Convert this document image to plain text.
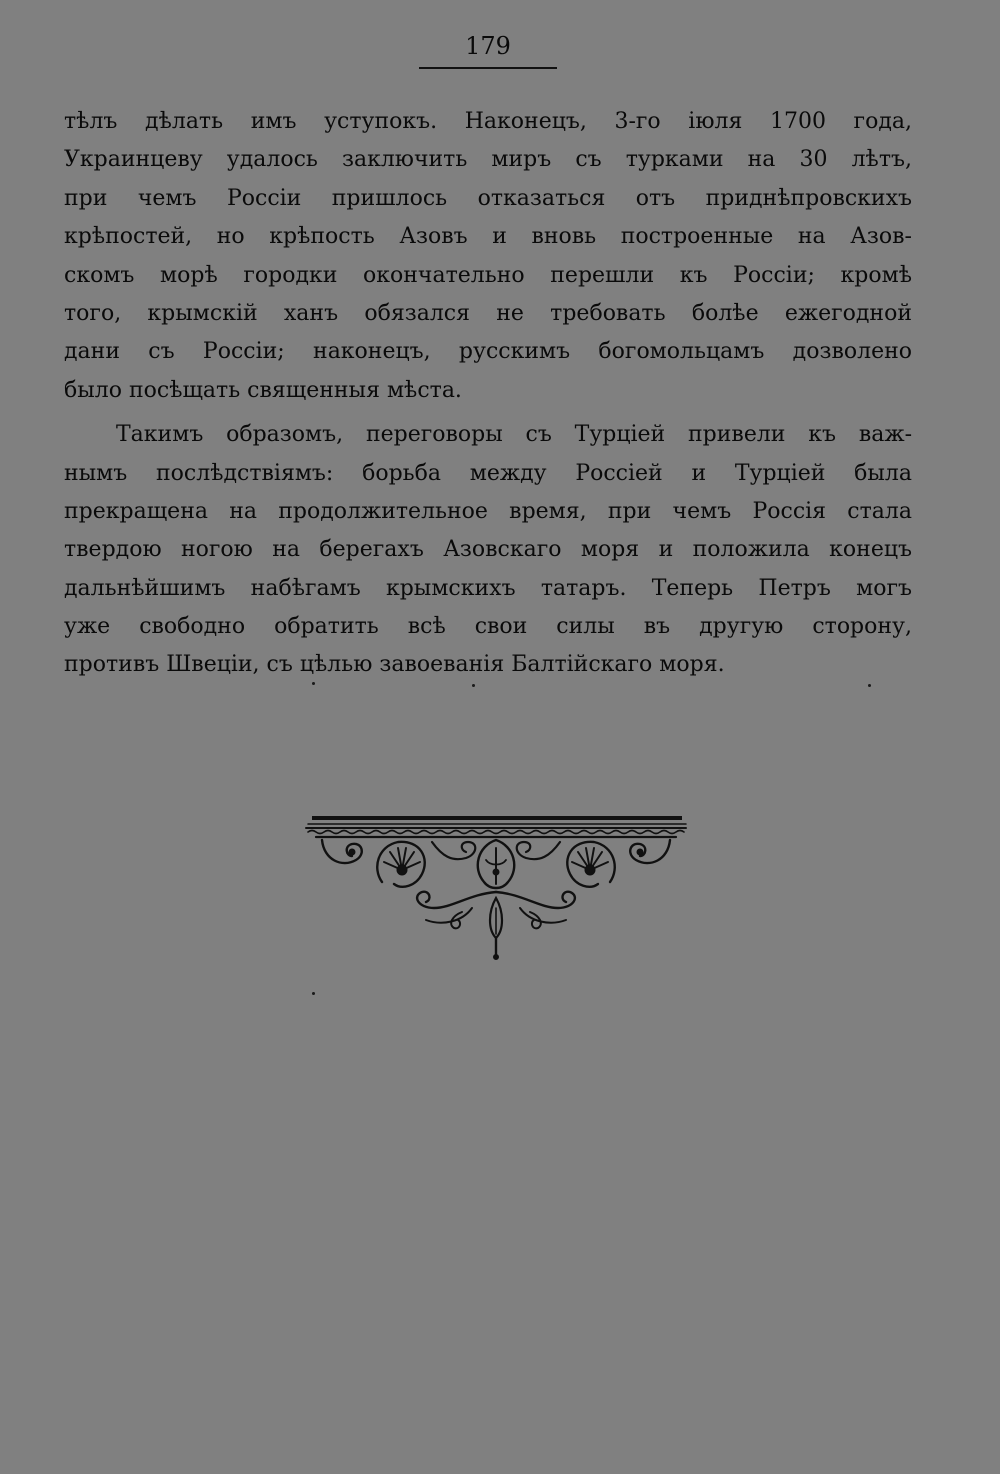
179
тѣлъ дѣлать имъ уступокъ. Наконецъ, 3-го іюля 1700 года,
Украинцеву удалось заключить миръ съ турками на 30 лѣтъ,
при чемъ Россіи пришлось отказаться отъ приднѣпровскихъ
крѣпостей, но крѣпость Азовъ и вновь построенные на Азов-
скомъ морѣ городки окончательно перешли къ Россіи; кромѣ
того, крымскій ханъ обязался не требовать болѣе ежегодной
дани съ Россіи; наконецъ, русскимъ богомольцамъ дозволено
было посѣщать священныя мѣста.
Такимъ образомъ, переговоры съ Турціей привели къ важ-
нымъ послѣдствіямъ: борьба между Россіей и Турціей была
прекращена на продолжительное время, при чемъ Россія стала
твердою ногою на берегахъ Азовскаго моря и положила конецъ
дальнѣйшимъ набѣгамъ крымскихъ татаръ. Теперь Петръ могъ
уже свободно обратить всѣ свои силы въ другую сторону,
противъ Швеціи, съ цѣлью завоеванія Балтійскаго моря.
